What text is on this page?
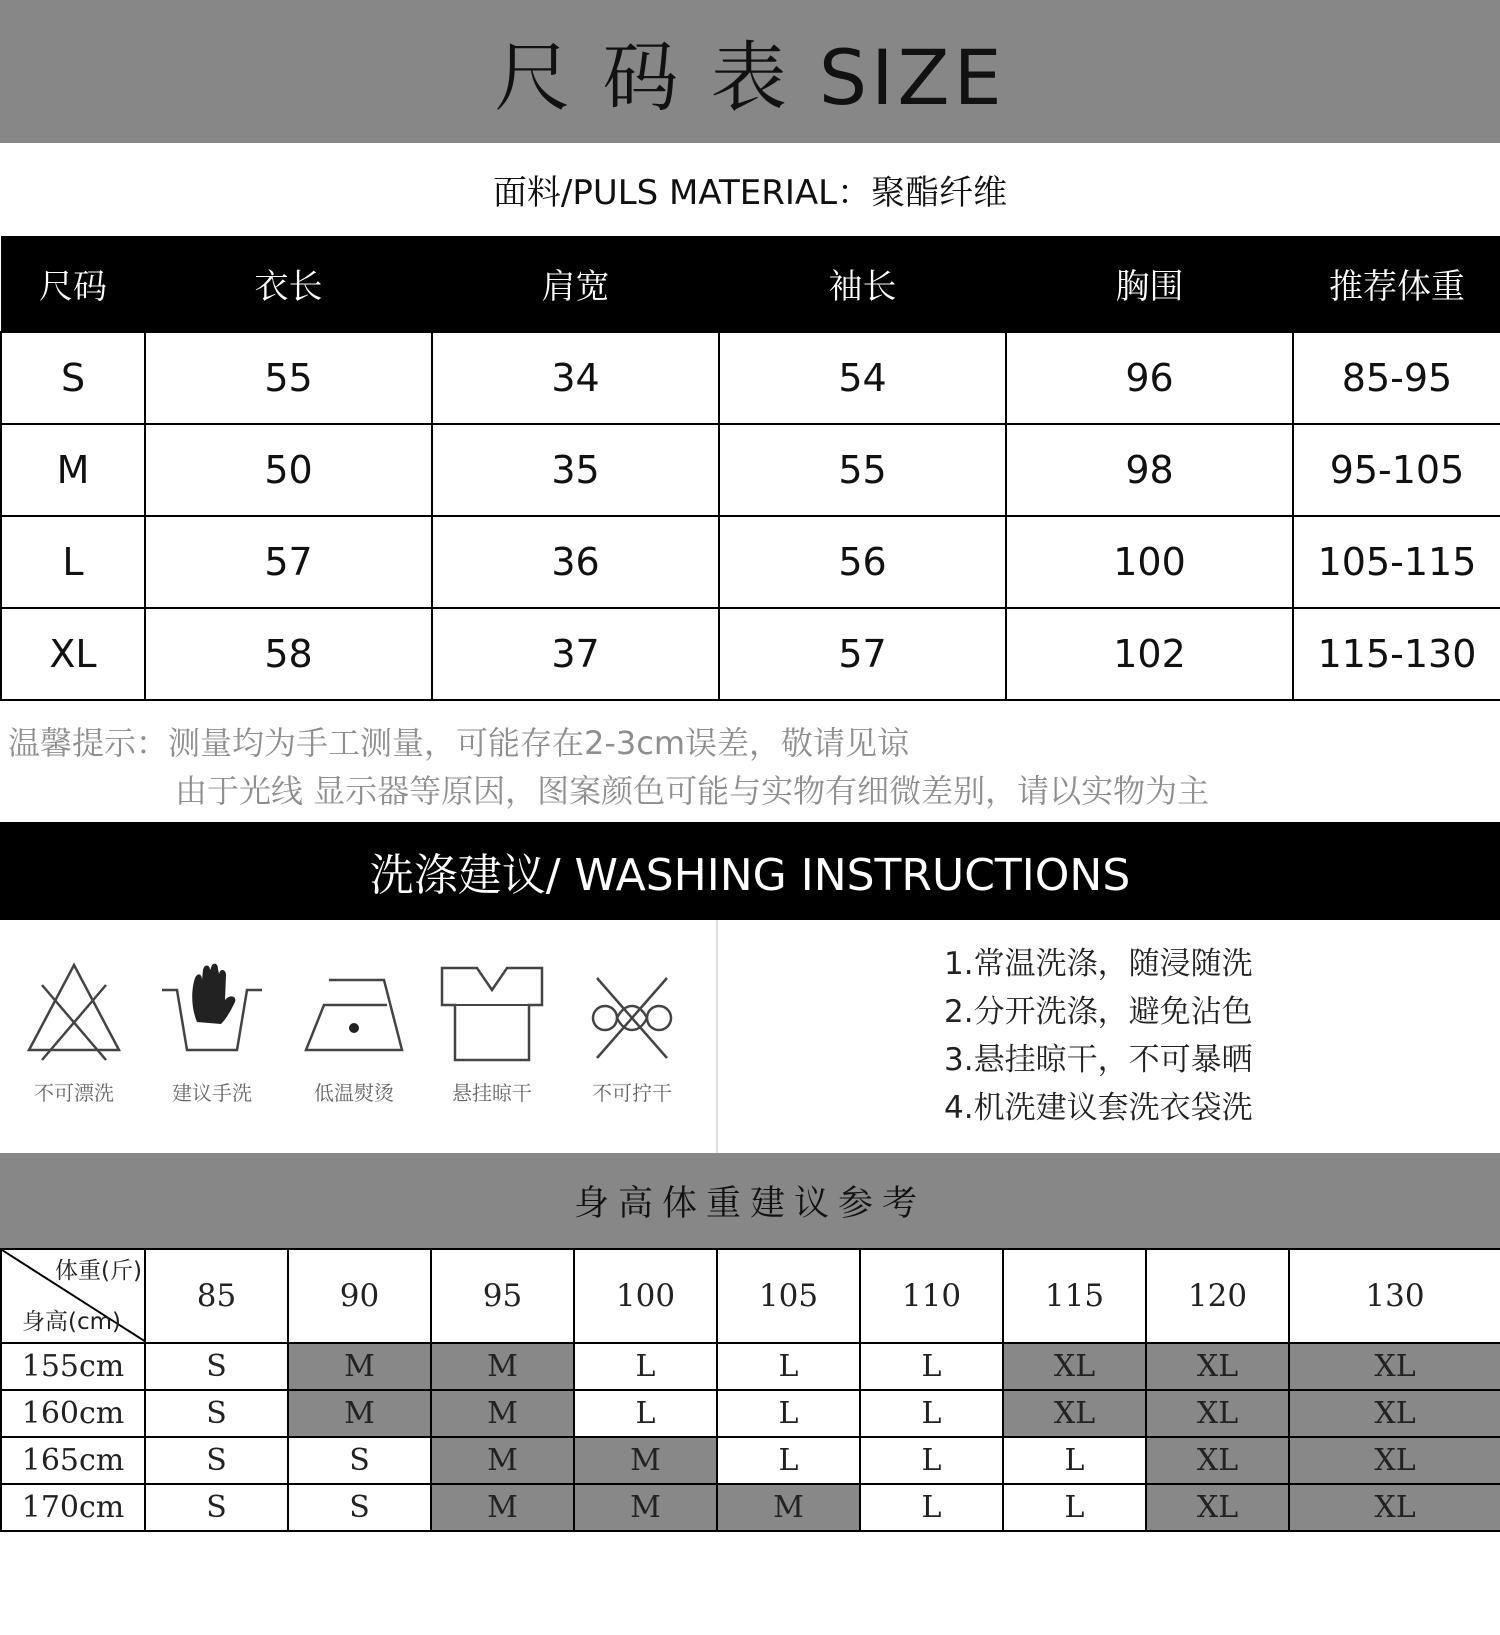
尺 码 表 SIZE
面料/PULS MATERIAL：聚酯纤维
尺码	衣长	肩宽	袖长	胸围	推荐体重
S	55	34	54	96	85-95
M	50	35	55	98	95-105
L	57	36	56	100	105-115
XL	58	37	57	102	115-130
温馨提示：测量均为手工测量，可能存在2-3cm误差，敬请见谅
由于光线 显示器等原因，图案颜色可能与实物有细微差别，请以实物为主
洗涤建议/ WASHING INSTRUCTIONS
不可漂洗	建议手洗	低温熨烫	悬挂晾干	不可拧干
1.常温洗涤，随浸随洗
2.分开洗涤，避免沾色
3.悬挂晾干，不可暴晒
4.机洗建议套洗衣袋洗
身高体重建议参考
体重(斤)
身高(cm)	85	90	95	100	105	110	115	120	130
155cm	S	M	M	L	L	L	XL	XL	XL
160cm	S	M	M	L	L	L	XL	XL	XL
165cm	S	S	M	M	L	L	L	XL	XL
170cm	S	S	M	M	M	L	L	XL	XL
